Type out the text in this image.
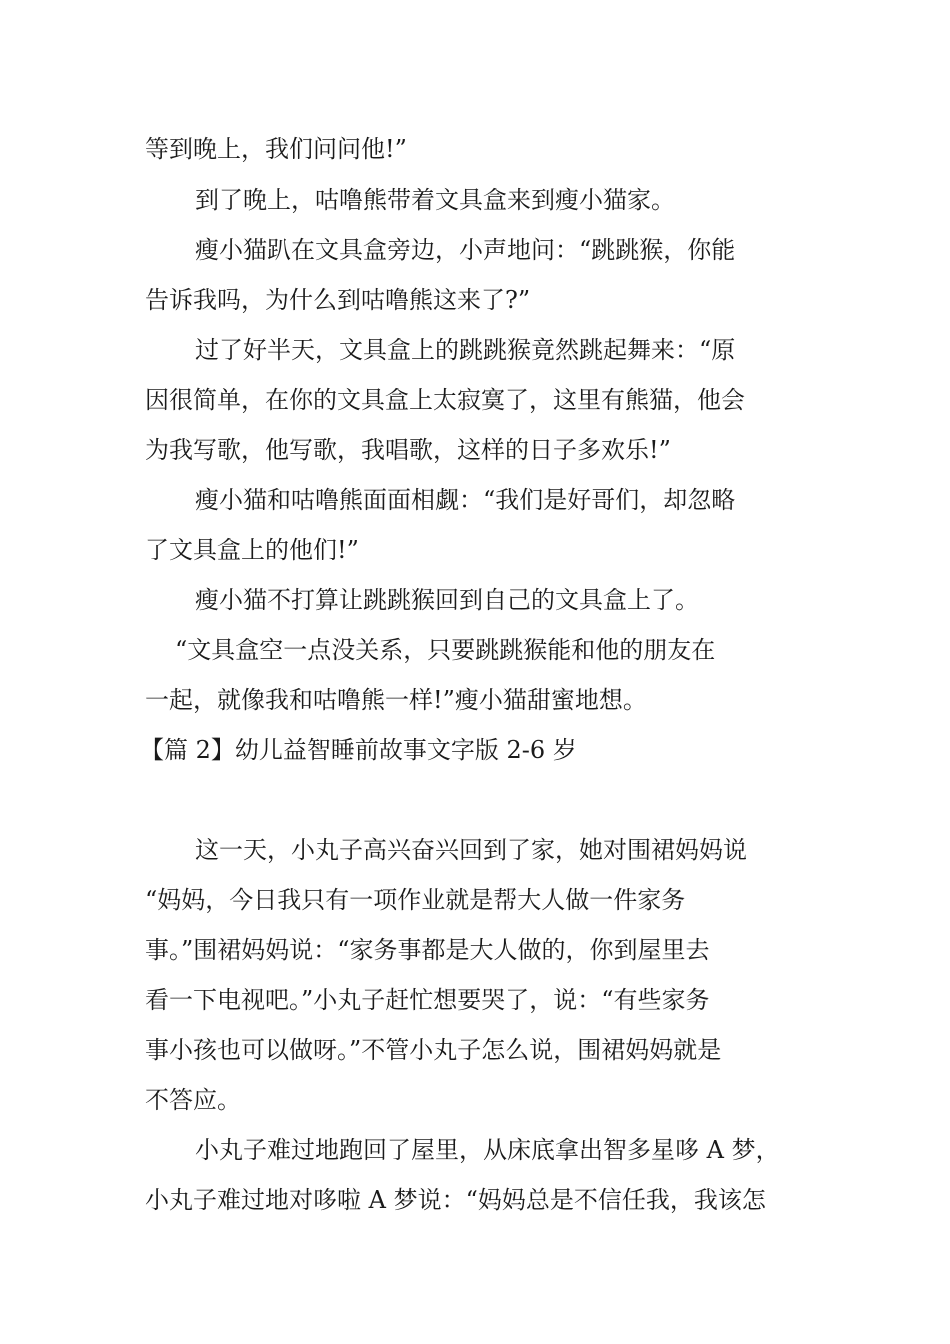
等到晚上，我们问问他!”
到了晚上，咕噜熊带着文具盒来到瘦小猫家。
瘦小猫趴在文具盒旁边，小声地问：“跳跳猴，你能
告诉我吗，为什么到咕噜熊这来了?”
过了好半天，文具盒上的跳跳猴竟然跳起舞来：“原
因很简单，在你的文具盒上太寂寞了，这里有熊猫，他会
为我写歌，他写歌，我唱歌，这样的日子多欢乐!”
瘦小猫和咕噜熊面面相觑：“我们是好哥们，却忽略
了文具盒上的他们!”
瘦小猫不打算让跳跳猴回到自己的文具盒上了。
“文具盒空一点没关系，只要跳跳猴能和他的朋友在
一起，就像我和咕噜熊一样!”瘦小猫甜蜜地想。
【篇 2】幼儿益智睡前故事文字版 2-6 岁
这一天，小丸子高兴奋兴回到了家，她对围裙妈妈说
“妈妈，今日我只有一项作业就是帮大人做一件家务
事。”围裙妈妈说：“家务事都是大人做的，你到屋里去
看一下电视吧。”小丸子赶忙想要哭了，说：“有些家务
事小孩也可以做呀。”不管小丸子怎么说，围裙妈妈就是
不答应。
小丸子难过地跑回了屋里，从床底拿出智多星哆 A 梦，
小丸子难过地对哆啦 A 梦说：“妈妈总是不信任我，我该怎
